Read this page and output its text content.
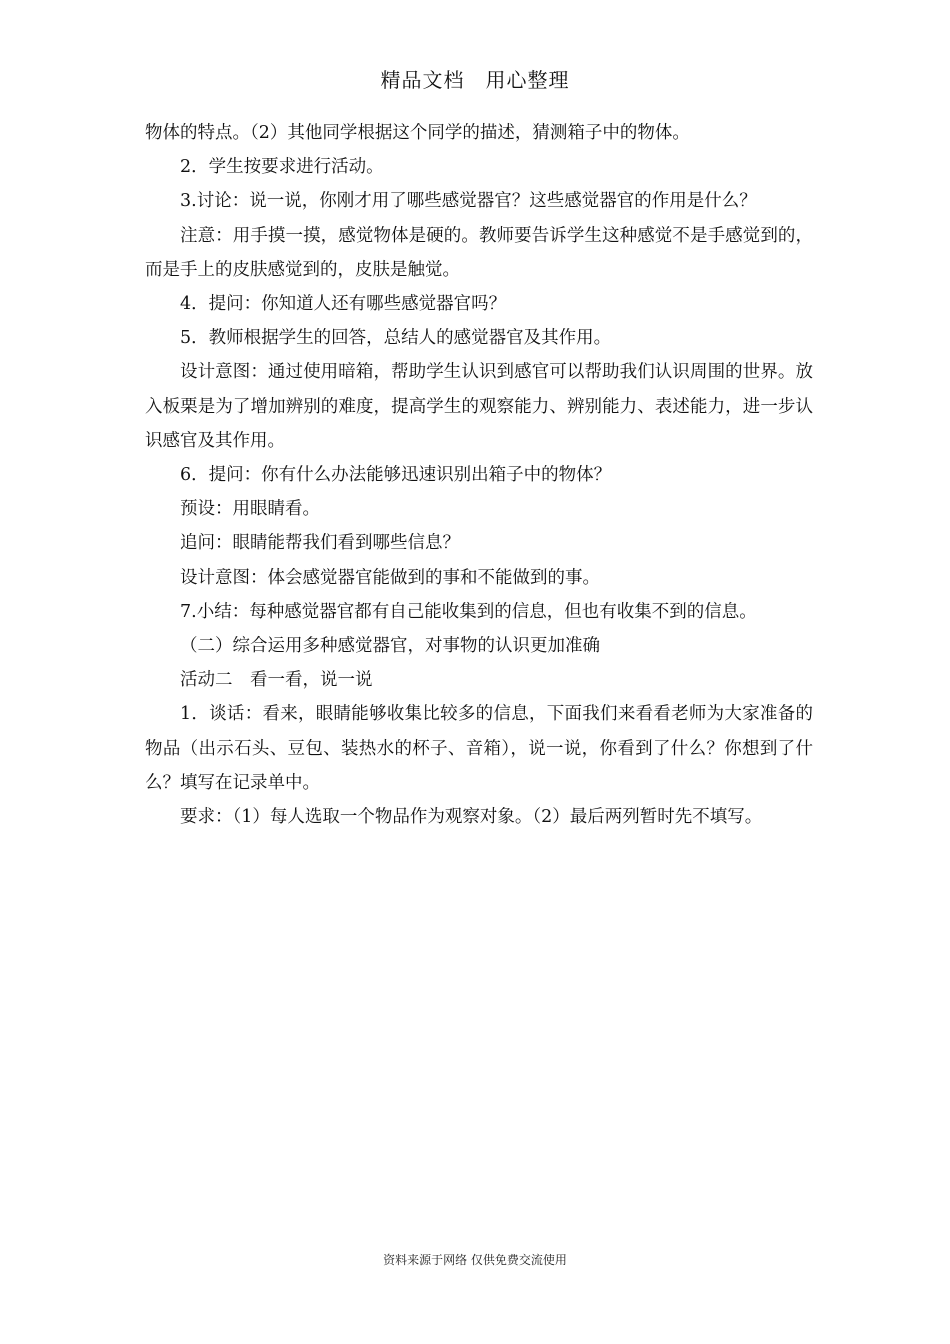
精品文档　用心整理

物体的特点。（2）其他同学根据这个同学的描述，猜测箱子中的物体。

2．学生按要求进行活动。

3.讨论：说一说，你刚才用了哪些感觉器官？这些感觉器官的作用是什么？

注意：用手摸一摸，感觉物体是硬的。教师要告诉学生这种感觉不是手感觉到的，而是手上的皮肤感觉到的，皮肤是触觉。

4．提问：你知道人还有哪些感觉器官吗？

5．教师根据学生的回答，总结人的感觉器官及其作用。

设计意图：通过使用暗箱，帮助学生认识到感官可以帮助我们认识周围的世界。放入板栗是为了增加辨别的难度，提高学生的观察能力、辨别能力、表述能力，进一步认识感官及其作用。

6．提问：你有什么办法能够迅速识别出箱子中的物体？

预设：用眼睛看。

追问：眼睛能帮我们看到哪些信息？

设计意图：体会感觉器官能做到的事和不能做到的事。

7.小结：每种感觉器官都有自己能收集到的信息，但也有收集不到的信息。

（二）综合运用多种感觉器官，对事物的认识更加准确

活动二　看一看，说一说

1．谈话：看来，眼睛能够收集比较多的信息，下面我们来看看老师为大家准备的物品（出示石头、豆包、装热水的杯子、音箱），说一说，你看到了什么？你想到了什么？填写在记录单中。

要求：（1）每人选取一个物品作为观察对象。（2）最后两列暂时先不填写。

资料来源于网络 仅供免费交流使用
